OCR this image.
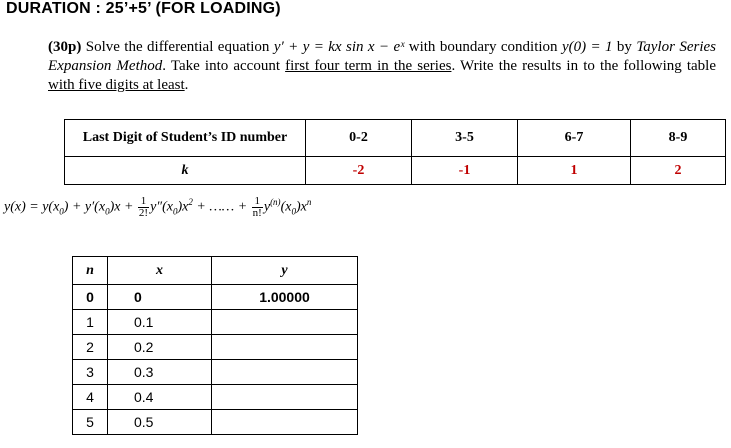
DURATION : 25’+5’ (FOR LOADING)
(30p) Solve the differential equation y′ + y = kx sin x − eˣ with boundary condition y(0) = 1 by Taylor Series Expansion Method. Take into account first four term in the series. Write the results in to the following table with five digits at least.
Last Digit of Student’s ID number	0-2	3-5	6-7	8-9
k	-2	-1	1	2
$y(x) = y(x_0) + y'(x_0)x + \frac{1}{2!} y''(x_0)x^2$ + …… + $\frac{1}{n!} y^{(n)}(x_0)x^n$
n	x	y
0	0	1.00000
1	0.1	
2	0.2	
3	0.3	
4	0.4	
5	0.5	
